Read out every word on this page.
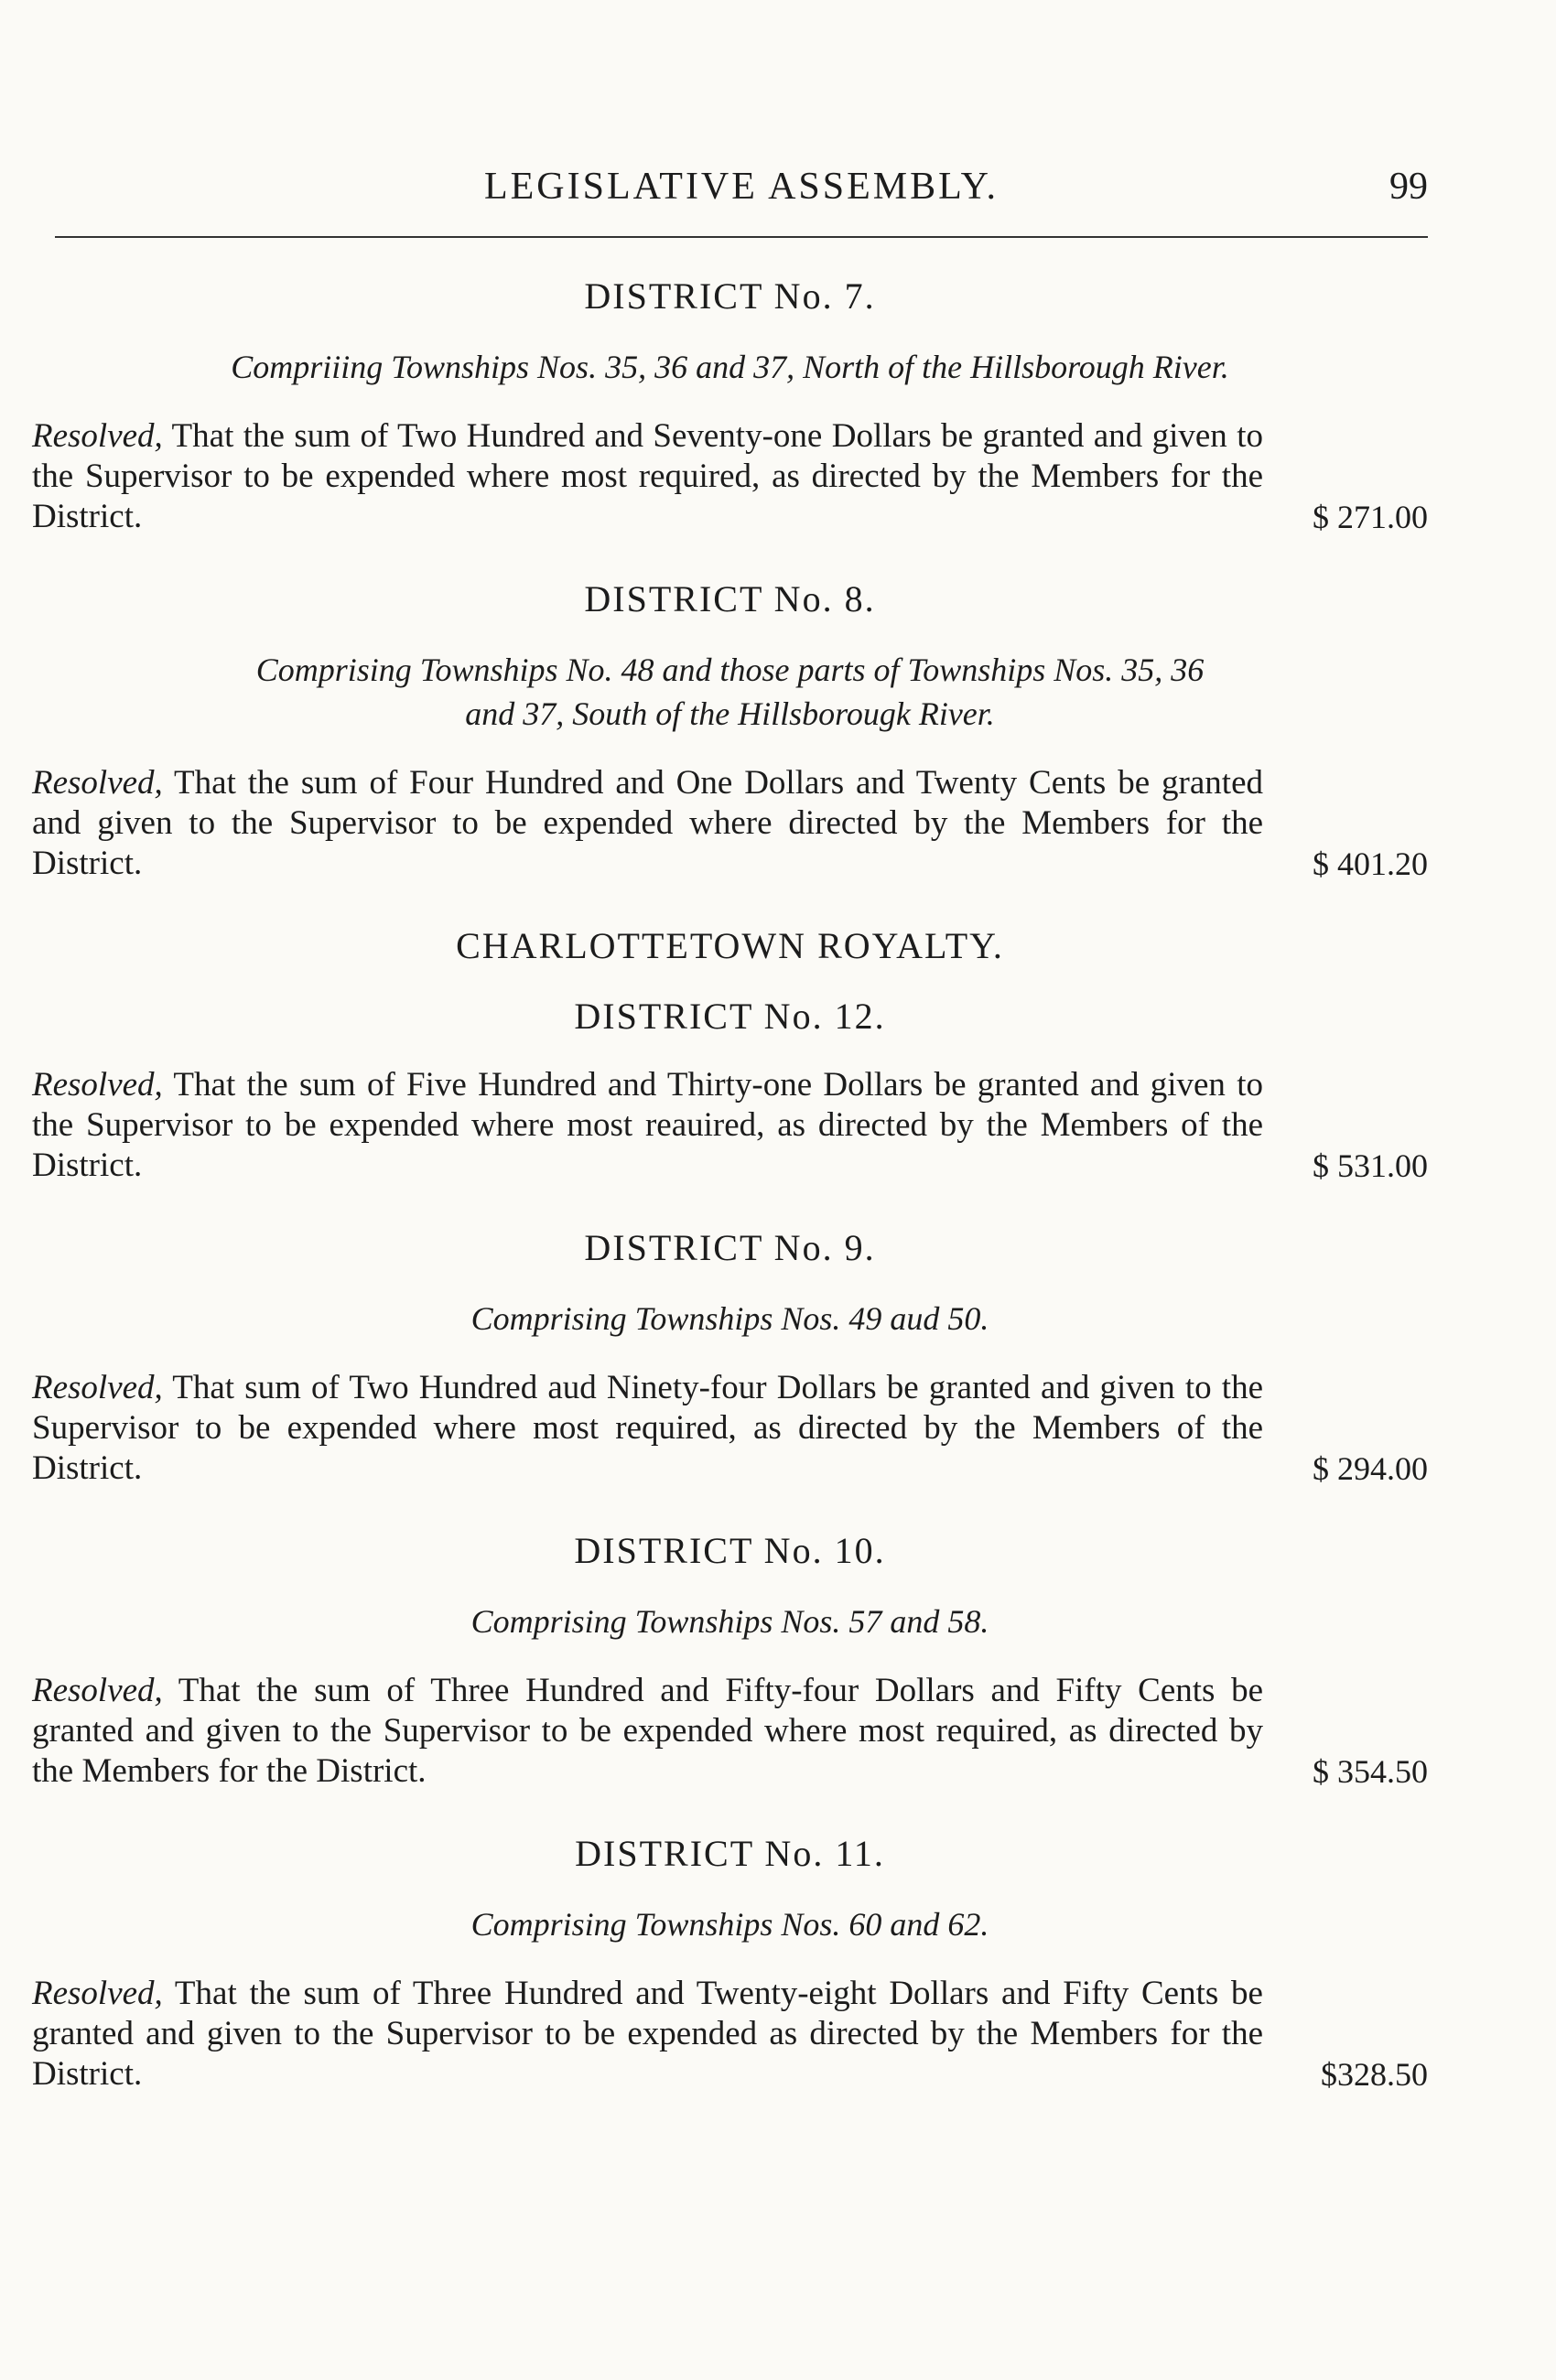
LEGISLATIVE ASSEMBLY.	99

DISTRICT No. 7.

Compriiing Townships Nos. 35, 36 and 37, North of the Hillsborough River.

Resolved, That the sum of Two Hundred and Seventy-one Dollars be granted and given to the Supervisor to be expended where most required, as directed by the Members for the District.	$ 271.00

DISTRICT No. 8.

Comprising Townships No. 48 and those parts of Townships Nos. 35, 36

and 37, South of the Hillsborougk River.

Resolved, That the sum of Four Hundred and One Dollars and Twenty Cents be granted and given to the Supervisor to be expended where directed by the Members for the District.	$ 401.20

CHARLOTTETOWN ROYALTY.

DISTRICT No. 12.

Resolved, That the sum of Five Hundred and Thirty-one Dollars be granted and given to the Supervisor to be expended where most reauired, as directed by the Members of the District.	$ 531.00

DISTRICT No. 9.

Comprising Townships Nos. 49 aud 50.

Resolved, That sum of Two Hundred aud Ninety-four Dollars be granted and given to the Supervisor to be expended where most required, as directed by the Members of the District.	$ 294.00

DISTRICT No. 10.

Comprising Townships Nos. 57 and 58.

Resolved, That the sum of Three Hundred and Fifty-four Dollars and Fifty Cents be granted and given to the Supervisor to be expended where most required, as directed by the Members for the District.	$ 354.50

DISTRICT No. 11.

Comprising Townships Nos. 60 and 62.

Resolved, That the sum of Three Hundred and Twenty-eight Dollars and Fifty Cents be granted and given to the Supervisor to be expended as directed by the Members for the District.	$328.50
